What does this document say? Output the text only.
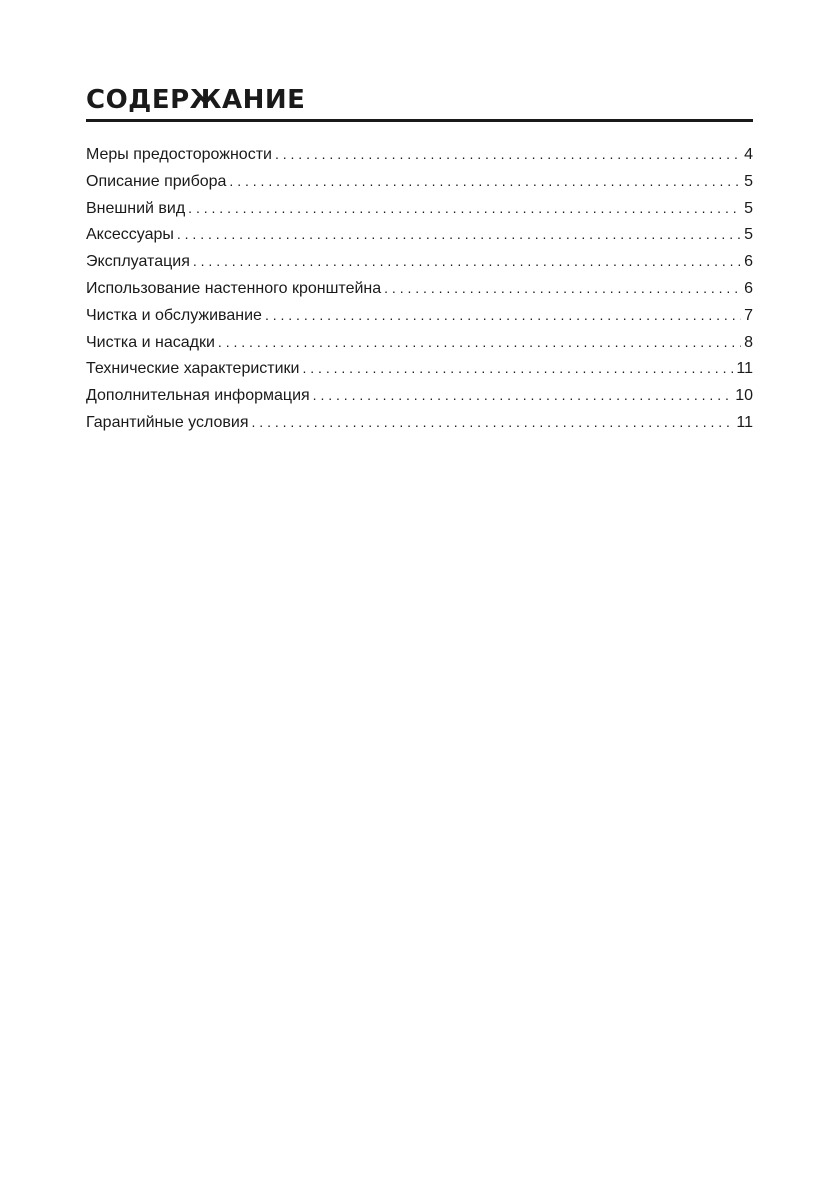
СОДЕРЖАНИЕ
Меры предосторожности . . .	4
Описание прибора . . .	5
Внешний вид . . .	5
Аксессуары . . .	5
Эксплуатация . . .	6
Использование настенного кронштейна . . .	6
Чистка и обслуживание . . .	7
Чистка и насадки . . .	8
Технические характеристики . . .	11
Дополнительная информация . . .	10
Гарантийные условия . . .	11
